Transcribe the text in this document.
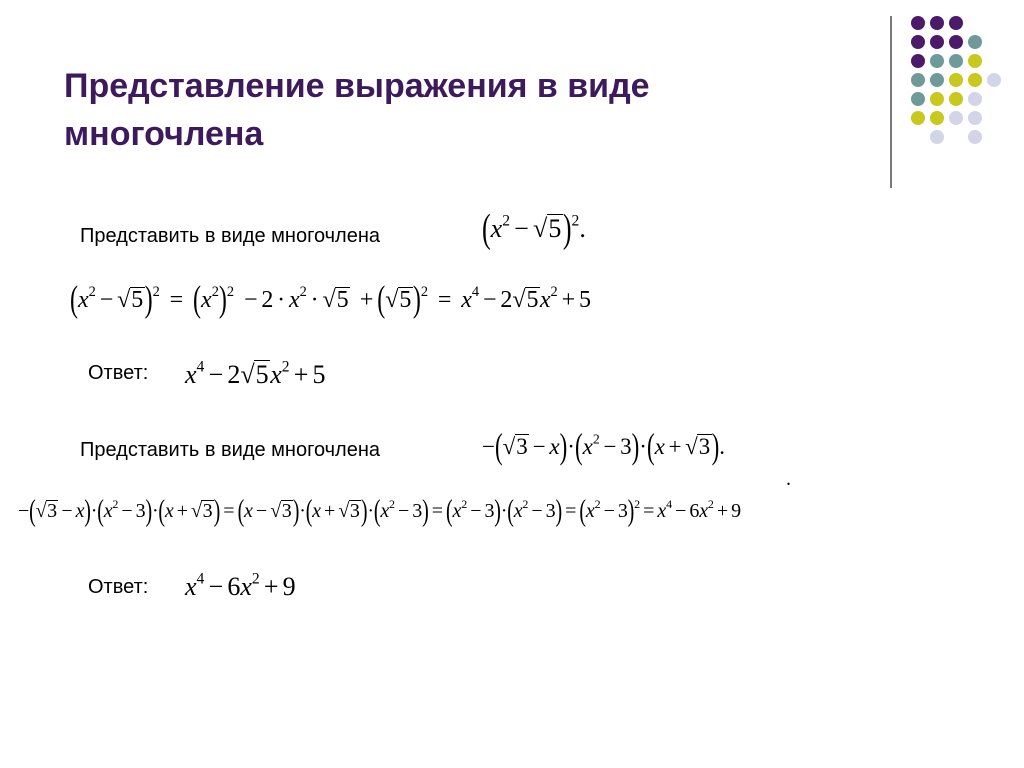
Представление выражения в виде многочлена
Представить в виде многочлена	$(x^2 - √5)^2$.
$(x^2 - √5)^2 = (x^2)^2 - 2 \cdot x^2 \cdot √5 + (√5)^2 = x^4 - 2√5x^2 + 5$
Ответ: $x^4 - 2√5x^2 + 5$
Представить в виде многочлена	$-(√3 - x)\cdot(x^2 - 3)\cdot(x + √3)$.
.
$-(√3 - x)\cdot(x^2 - 3)\cdot(x + √3) = (x - √3)\cdot(x + √3)\cdot(x^2 - 3) = (x^2 - 3)\cdot(x^2 - 3) = (x^2 - 3)^2 = x^4 - 6x^2 + 9$
Ответ: $x^4 - 6x^2 + 9$
